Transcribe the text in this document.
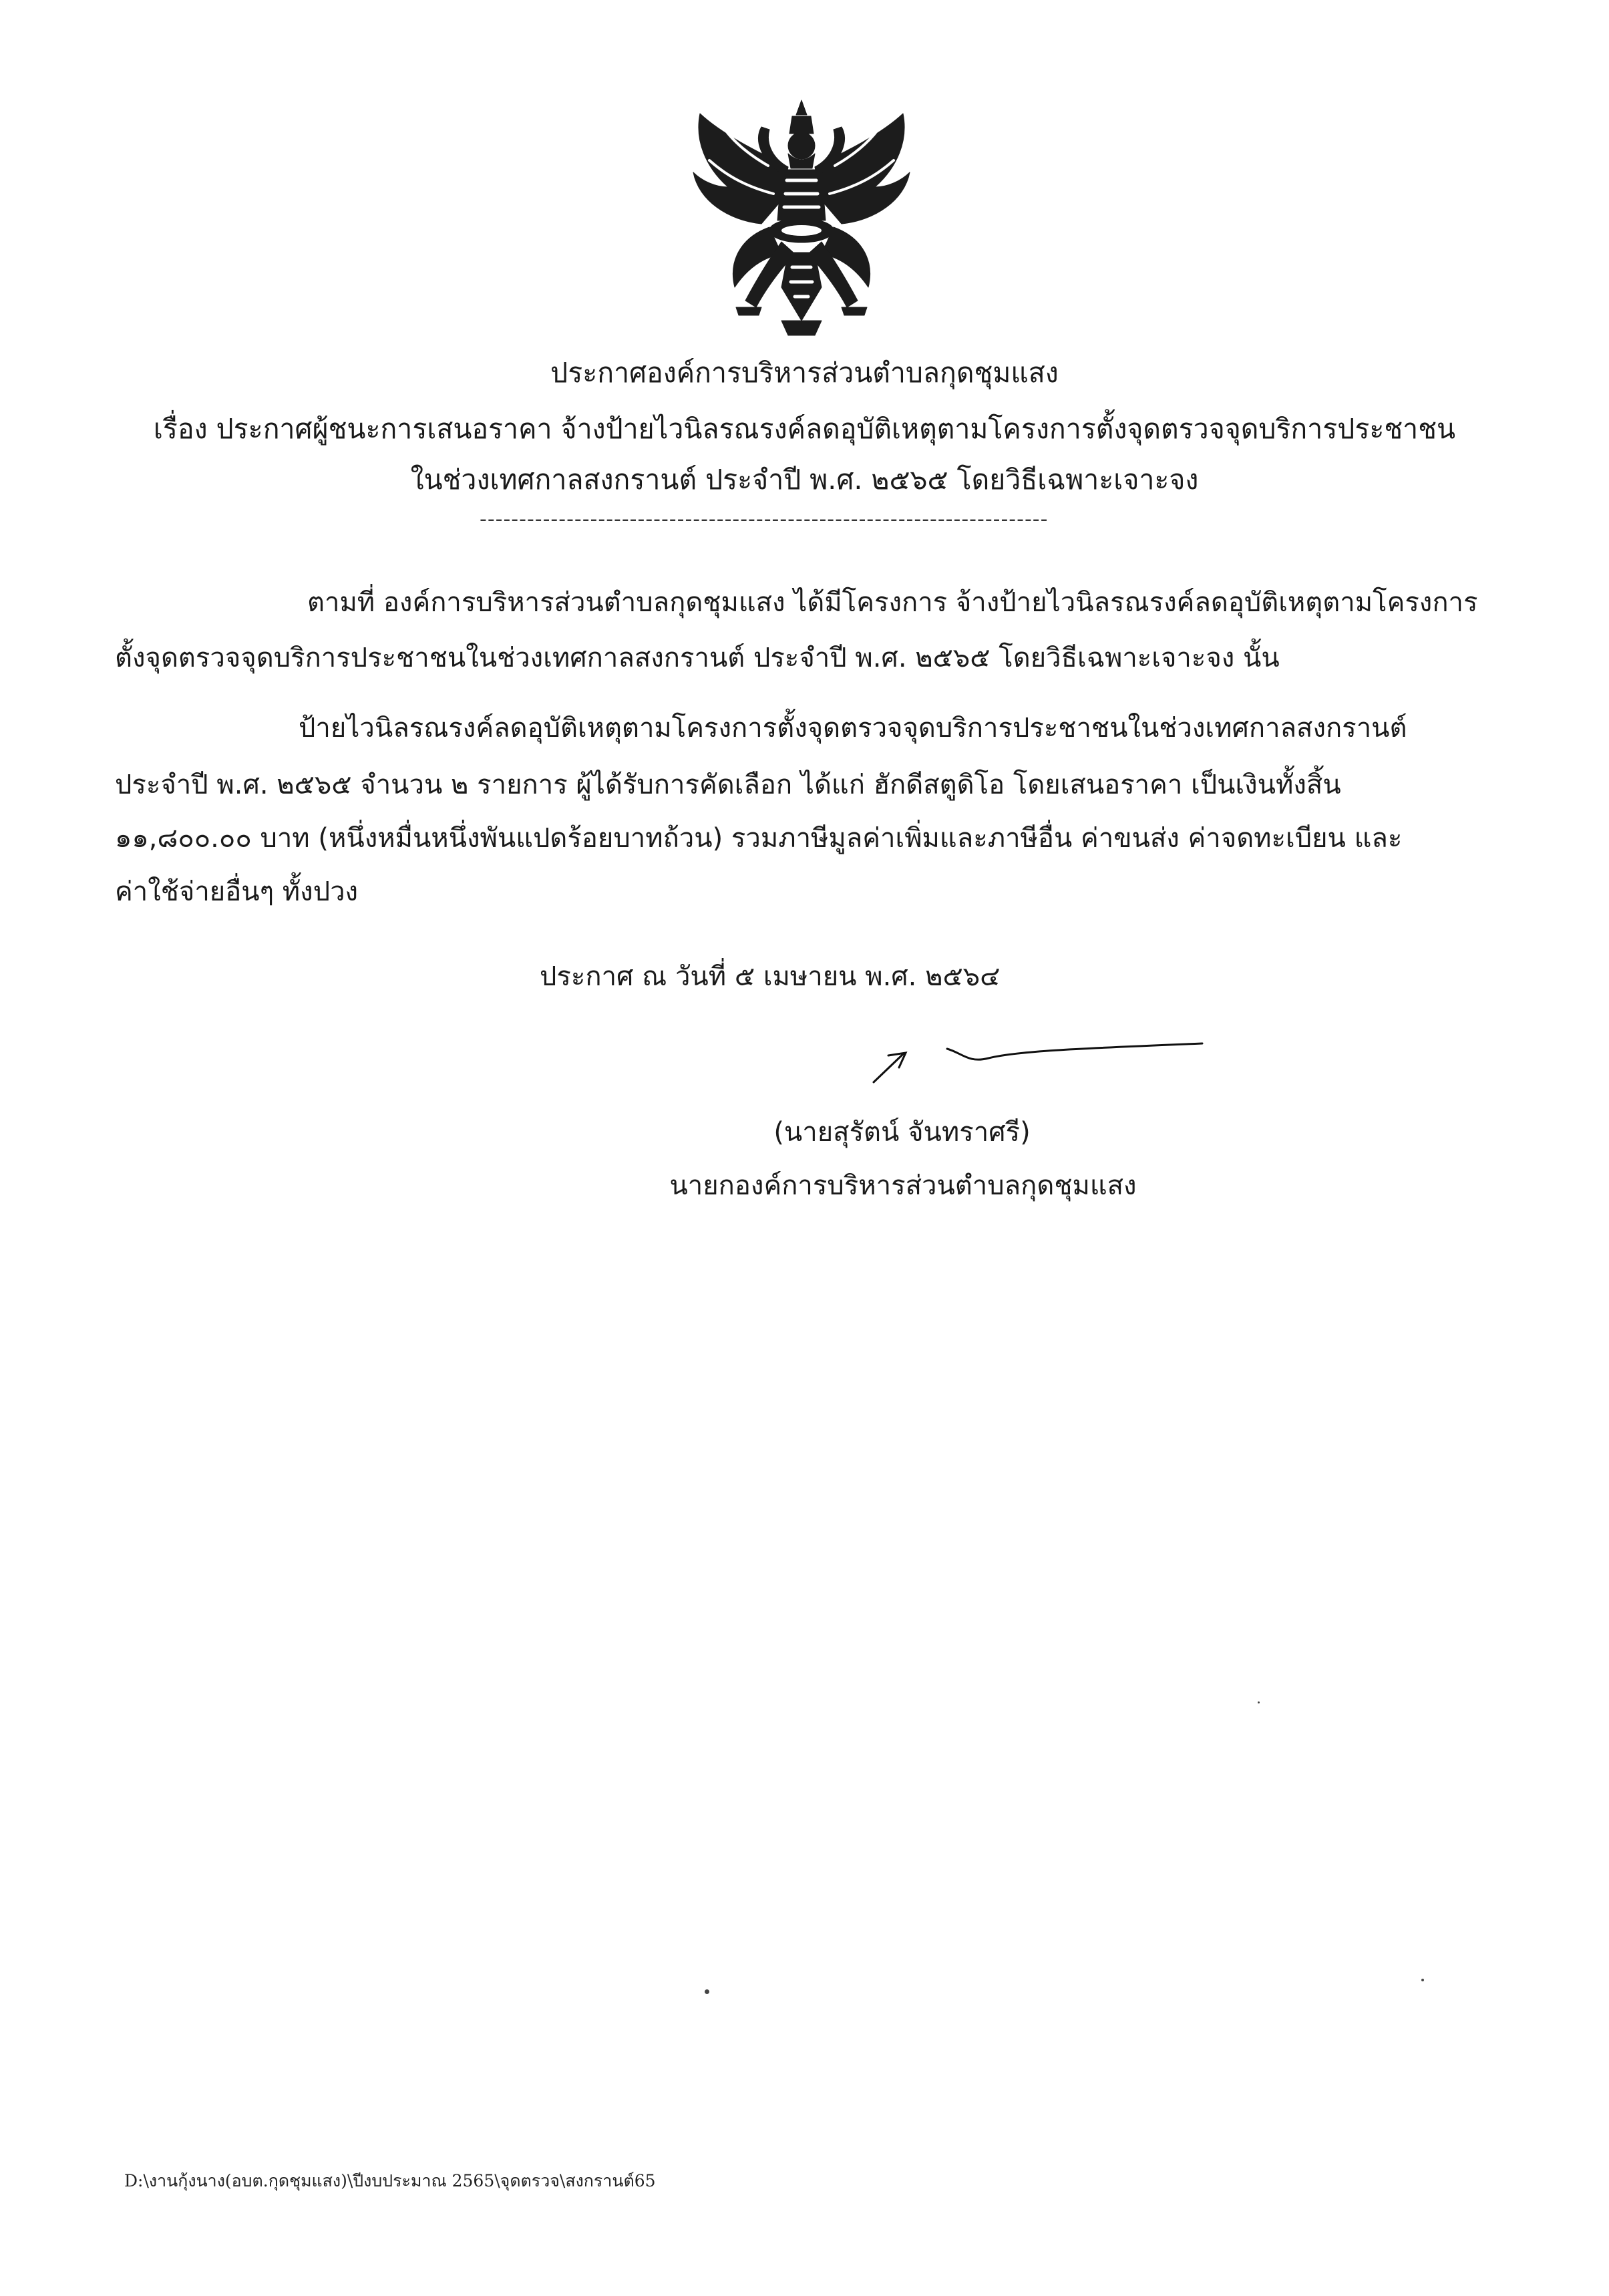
ประกาศองค์การบริหารส่วนตำบลกุดชุมแสง
เรื่อง ประกาศผู้ชนะการเสนอราคา จ้างป้ายไวนิลรณรงค์ลดอุบัติเหตุตามโครงการตั้งจุดตรวจจุดบริการประชาชน
ในช่วงเทศกาลสงกรานต์ ประจำปี พ.ศ. ๒๕๖๕ โดยวิธีเฉพาะเจาะจง
------------------------------------------------------------------------
ตามที่ องค์การบริหารส่วนตำบลกุดชุมแสง ได้มีโครงการ จ้างป้ายไวนิลรณรงค์ลดอุบัติเหตุตามโครงการ
ตั้งจุดตรวจจุดบริการประชาชนในช่วงเทศกาลสงกรานต์ ประจำปี พ.ศ. ๒๕๖๕ โดยวิธีเฉพาะเจาะจง นั้น
ป้ายไวนิลรณรงค์ลดอุบัติเหตุตามโครงการตั้งจุดตรวจจุดบริการประชาชนในช่วงเทศกาลสงกรานต์
ประจำปี พ.ศ. ๒๕๖๕ จำนวน ๒ รายการ ผู้ได้รับการคัดเลือก ได้แก่ ฮักดีสตูดิโอ โดยเสนอราคา เป็นเงินทั้งสิ้น
๑๑,๘๐๐.๐๐ บาท (หนึ่งหมื่นหนึ่งพันแปดร้อยบาทถ้วน) รวมภาษีมูลค่าเพิ่มและภาษีอื่น ค่าขนส่ง ค่าจดทะเบียน และ
ค่าใช้จ่ายอื่นๆ ทั้งปวง
ประกาศ ณ วันที่ ๕ เมษายน พ.ศ. ๒๕๖๔
(นายสุรัตน์ จันทราศรี)
นายกองค์การบริหารส่วนตำบลกุดชุมแสง
D:\งานกุ้งนาง(อบต.กุดชุมแสง)\ปีงบประมาณ 2565\จุดตรวจ\สงกรานต์65
